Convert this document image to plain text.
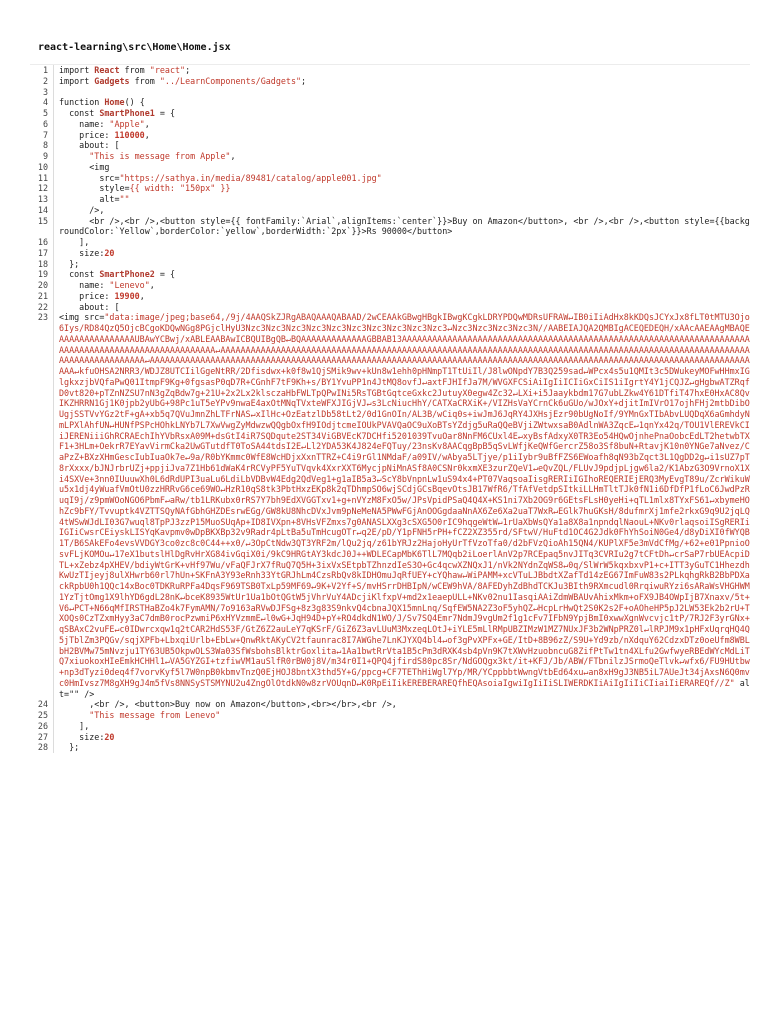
react-learning\src\Home\Home.jsx
1	import React from "react";
2	import Gadgets from "../LearnComponents/Gadgets";
3

4	function Home() {
5	const SmartPhone1 = {
6	name: "Apple",
7	price: 110000,
8	about: [
9	"This is message from Apple",
10	<img
11	src="https://sathya.in/media/89481/catalog/apple001.jpg"
12	style={{ width: "150px" }}
13	alt=""
14	/>,
15	<br />,<br />,<button style={{ fontFamily:`Arial`,alignItems:`center`}}>Buy on Amazon</button>, <br />,<br />,<button style={{backgroundColor:`Yellow`,borderColor:`yellow`,borderWidth:`2px`}}>Rs 90000</button>
16	],
17	size:20
18	};
19	const SmartPhone2 = {
20	name: "Lenevo",
21	price: 19900,
22	about: [
23	<img src="data:image/jpeg;base64,/9j/4AAQSkZJRgABAQAAAQABAAD/2wCEAAkGBwgHBgkIBwgKCgkLDRYPDQwMDRsUFRAW↵IB0iIiAdHx8kKDQsJCYxJx8fLT0tMTU3Ojo6Iys/RD84QzQ5OjcBCgoKDQwNGg8PGjclHyU3Nzc3Nzc3Nzc3Nzc3Nzc3Nzc3Nzc3Nzc3Nzc3Nzc3↵Nzc3Nzc3Nzc3Nzc3N//AABEIAJQA2QMBIgACEQEDEQH/xAAcAAEAAgMBAQEAAAAAAAAAAAAAAAUBAwYCBwj/xABLEAABAwICBQUIBgQB↵BQAAAAAAAAAAAAAGBBAB13AAAAAAAAAAAAAAAAAAAAAAAAAAAAAAAAAAAAAAAAAAAAAAAAAAAAAAAAAAAAAAAAAAAAAAAAAAAAAAAAAAAAAAAAAAAAAAAAAAAA↵AAAAAAAAAAAAAAAAAAAAAAAAAAAAAAAAAAAAAAAAAAAAAAAAAAAAAAAAAAAAAAAAAAAAAAAAAAAAAAAAAAAAAAAAAAAAAAAAAAAAAAAAAAAAAAAAAAAAAAAAAA↵AAAAAAAAAAAAAAAAAAAAAAAAAAAAAAAAAAAAAAAAAAAAAAAAAAAAAAAAAAAAAAAAAAAAAAAAAAAAAAAAAAAAAAAAAAAAAAAAAAAAAAAAAAAAAAAAAAAAAAAAAA↵kfuOHSA2NRR3/WDJZ8UTCIilGgeNtRR/2Dfisdwx+k0f8w1QjSMik9wv+kUn8w1ehh0pHNmpT1TtUiIl/J8lwONpdY7B3Q259sad↵WPcx4s5u1QMIt3c5DWukeyMOFwHHmxIGlgkxzjbVQfaPwQ01ItmpF9Kg+0fgsasP0qD7R+CGnhF7tF9Kh+s/BY1YvuPP1n4JtMQ8ovfJ↵axtFJHIfJa7M/WVGXFCSiAiIgIiICIiGxCiIS1iIgrtY4Y1jCQJZ↵gHgbwATZRqfD0vt820+pTZnNZSU7nN3gZqBdw7g+21U+2x2Lx2klsczaHbFWLTpQPwINi5RsTGBtGqtceGxkc2JutuyX0egw4Zc32↵LXi+i5Jaaykbdm17G7ubLZkw4Y61DTfiT47hxE0HxAC8QvIKZHRRN1Gj1K0jpb2yUbG+98Pc1uT5eYPv9nwaE4axOtMNqTVxteWFXJIGjVJ↵s3LcNiucHhY/CATXaCRXiK+/VIZHsVaYCrnCk6uGUo/wJOxY+djitImIVrO17ojhFHj2mtbDibOUgjSSTVvYGz2tF+gA+xb5q7QVuJmnZhLTFrNAS↵xIlHc+OzEatzlDb58tLt2/0d1GnOIn/AL3B/wCiq0s+iwJmJ6JqRY4JXHsjEzr90bUgNoIf/9YMnGxTIbAbvLUQDqX6aGmhdyNmLPXlAhfUN↵HUNfPSPcHOhkLNYb7L7XwVwgZyMdwzwQQgbOxfH9IOdjtcmeIOUkPVAVQaOC9uXoBTsYZdjg5uRaQQeBVjiZWtwxsaB0AdlnWA3ZqcE↵1qnYx42q/TOU1VlEREVkCIiJERENiiiGhRCRAEchIhYVbRsxA09M+dsGtI4iR7SQDqute2ST34ViGBVEcK7DCHfi5201039TvuOar8NnFM6CUxl4E↵xyBsfAdxyX0TR3Eo54HQwOjnhePnaOobcEdLT2hetwbTXF1+3HLm+OekrR7EYavVirmCka2UwGTutdfT0ToSA44tdsI2E↵Ll2YDA53K4J824eFQTuy/23nsKv8AACqgBpB5qSvLWfjKeQWfGercrZ58o3Sf8buN+RtavjK10n0YNGe7aNvez/CaPzZ+BXzXHmGescIubIuaOk7e↵9a/R0bYKmmc0WfE8WcHDjxXxnTTRZ+C4i9rGl1NMdaF/a09IV/wAbya5LTjye/p1iIybr9uBfFZS6EWoafh8qN93bZqct3L1QgDD2g↵i1sUZ7pT8rXxxx/bJNJrbrUZj+ppjiJva7Z1Hb61dWaK4rRCVyPF5YuTVqvk4XxrXXT6MycjpNiMnASf8A0CSNr0kxmXE3zurZQeV1↵eQvZQL/FLUvJ9pdjpLjgw6la2/K1AbzG3O9VrnoX1Xi4SXVe+3nn0IUuuwXh0L6dRdUPI3uaLu6LdiLbVDBvW4Edg2QdVeg1+g1aIB5a3↵ScY8bVnpnLw1uS94x4+PT07VaqsoaIisgRERIiIGIhoREQERIEjERQ3MyEvgT89u/ZcrWikuWu5x1dj4yWuafVmOtU0zzHRRvG6ce69WO↵HzR10qS8tk3PbtHxzEKp8k2qTDhmpSO6wjSCdjGCsBqevOtsJB17WfR6/TfAfVetdpSItkiLLHmTltTJk0fN1i6DfDfP1fLoC6JwdPzRuqI9j/z9pmWOoNGO6PbmF↵aRw/tb1LRKubx0rRS7Y7bh9EdXVGGTxv1+g+nVYzM8FxO5w/JPsVpidPSaQ4Q4X+KS1ni7Xb2OG9r6GEtsFLsH0yeHi+qTL1mlx8TYxFS61↵xbymeHOhZc9bFY/Tvvuptk4VZTTSQyNAfGbhGHZDEsrwEGg/GW8kU8NhcDVxJvm9pNeMeNA5PWwFGjAnOOGgdaaNnAX6Ze6Xa2uaT7WxR↵EGlk7huGKsH/8dufmrXj1mfe2rkxG9q9U2jqLQ4tWSwWJdLI03G7wuql8TpPJ3zzP15MuoSUqAp+ID8IVXpn+8VHsVFZmxs7g0ANASLXXg3cSXG5O0rIC9hqgeWtW↵1rUaXbWsQYa1a8X8a1npndqlNaouL+NKv0rlaqsoiISgRERIiIGIiCwsrCEiyskLISYqKavpmv0wDpBKXBp32v9Radr4pLtBa5uTmHcugOTr↵q2E/pD/Y1pFNH5rPH+fCZ2XZ355rd/SFtwV/HuFtd1OC4G2Jdk0FhYhSoiN0Ge4/d8yDiXI0fWYQB1T/B6SAkEFo4evsVVDGY3co0zc8c0C44++x0/↵3OpCtNdw3QT3YRF2m/lQu2jq/z61bYRJz2HajoHyUrTfVzoTfa0/d2bFVzQioAh15QN4/KUPlXF5e3mVdCfMg/+62+e01PpnioOsvFLjKOMOu↵17eX1butslHlDgRvHrXG84ivGqiX0i/9kC9HRGtAY3kdcJ0J++WDLECapMbK6TlL7MQqb2iLoerlAnV2p7RCEpaq5nvJITq3CVRIu2g7tCFtDh↵crSaP7rbUEAcpiDTL+xZebz4pXHEV/bdiyWtGrK+vHf97Wu/vFaQFJrX7fRuQ7Q5H+3ixVxSEtpbTZhnzdIeS3O+Gc4qcwXZNQxJ1/nVk2NYdnZqWS8↵0q/SlWrW5kqxbxvP1+c+ITT3yGuTC1HhezdhKwUzTIjeyj8ulXHwrb60rl7hUn+SKFnA3Y93eRnh33YtGRJhLm4CzsRbQv8kIDHOmuJqRfUEY+cYQhaw↵WiPAMM+xcVTuLJBbdtXZafTd14zEG67ImFuW83s2PLkqhgRkB2BbPDXackRpbU0h1QQc14xBoc0TDKRuRPFa4DqsF969TSB0TxLp59MF69↵9K+V2Yf+S/mvHSrrDHBIpN/wCEW9hVA/8AFEDyhZdBhdTCKJu3BIth9RXmcudl0RrqiwuRYzi6sARaWsVHGHWM1YzTjtOmg1X9lhYD6gdL28nK↵bceK8935WtUr1Ua1bOtQGtW5jVhrVuY4ADcjiKlfxpV+md2x1eaepULL+NKv02nu1IasqiAAiZdmWBAUvAhixMkm+oFX9JB4OWpIjB7Xnaxv/5t+V6↵PCT+N66qMfIRSTHaBZo4k7FymAMN/7o9163aRVwDJFSg+8z3g83S9nkvQ4cbnaJQX15mnLnq/SqfEW5NA2Z3oF5yhQZ↵HcpLrHwQt2S0K2s2F+oAOheHP5pJ2LW53Ek2b2rU+TXOQs0CzTZxmHyy3aC7dmB0rocPzwmiP6xHYVzmmE↵l0wG+JqH94D+pY+RO4dkdN1WO/J/Sv7SQ4Emr7NdmJ9vgUm2f1g1cFv7IFbN9YpjBmI0xwwXgnWvcvjc1tP/7RJ2F3yrGNx+qSBAxC2vuFE↵c0IDwrcxqw1q2tCAR2HdS53F/GtZ6Z2auLeY7qKSrF/GiZ6Z3avLUuM3MxzeqLOtJ+iYLE5mLlRMpUBZIMzW1MZ7NUxJF3b2WNpPRZ0l↵lRPJM9x1pHFxUqrqHQ4Q5jTblZm3PQGv/sqjXPFb+LbxqiUrlb+EbLw+QnwRktAKyCV2tfaunrac8I7AWGhe7LnKJYXQ4bl4↵of3gPvXPFx+GE/ItD+8B96zZ/S9U+Yd9zb/nXdquY62CdzxDTz0oeUfm8WBLbH2BVMw75mNvzju1TY63UB5OkpwOLS3Wa03SfWsbohsBlktrGoxlita↵1Aa1bwtRrVta1B5cPm3dRXK4sb4pVn9K7tXWvHzuobncuG8ZifPtTw1tn4XLfu2GwfwyeRBEdWYcMdLiTQ7xiuokoxHIeEmkHCHHl1↵VA5GYZGI+tzfiwVM1auSlfR0rBW0j8V/m34r0I1+QPQ4jfirdS80pc8Sr/NdGOQgx3kt/it+KFJ/Jb/ABW/FTbnilzJSrmoQeTlvk↵wfx6/FU9HUtbw+np3dTyzi0deq4f7vorvKyf5l7W0npB0kbmvTnzQ0EjHOJ8bntX3thd5Y+G/ppcg+CF7TEThHiWgl7Yp/MR/YCppbbtWwngVtbEd64xu↵an8xH9gJ3NB5iL7AUeJt34jAxsN6Q0mvc0HmIvsz7M8gXH9gJ4m5fVs8NNSySTSMYNU2u4ZngOlOtdkN0w8zrVOUqnD↵K0RpEiIikEREBERAREQfhEQAsoiaIgwiIgIiIiSLIWERDKIiAiIgIiIiCIiaiIiERAREQf//Z" alt="" />
24	,<br />, <button>Buy now on Amazon</button>,<br></br>,<br />,
25	"This message from Lenevo"
26	],
27	size:20
28	};
